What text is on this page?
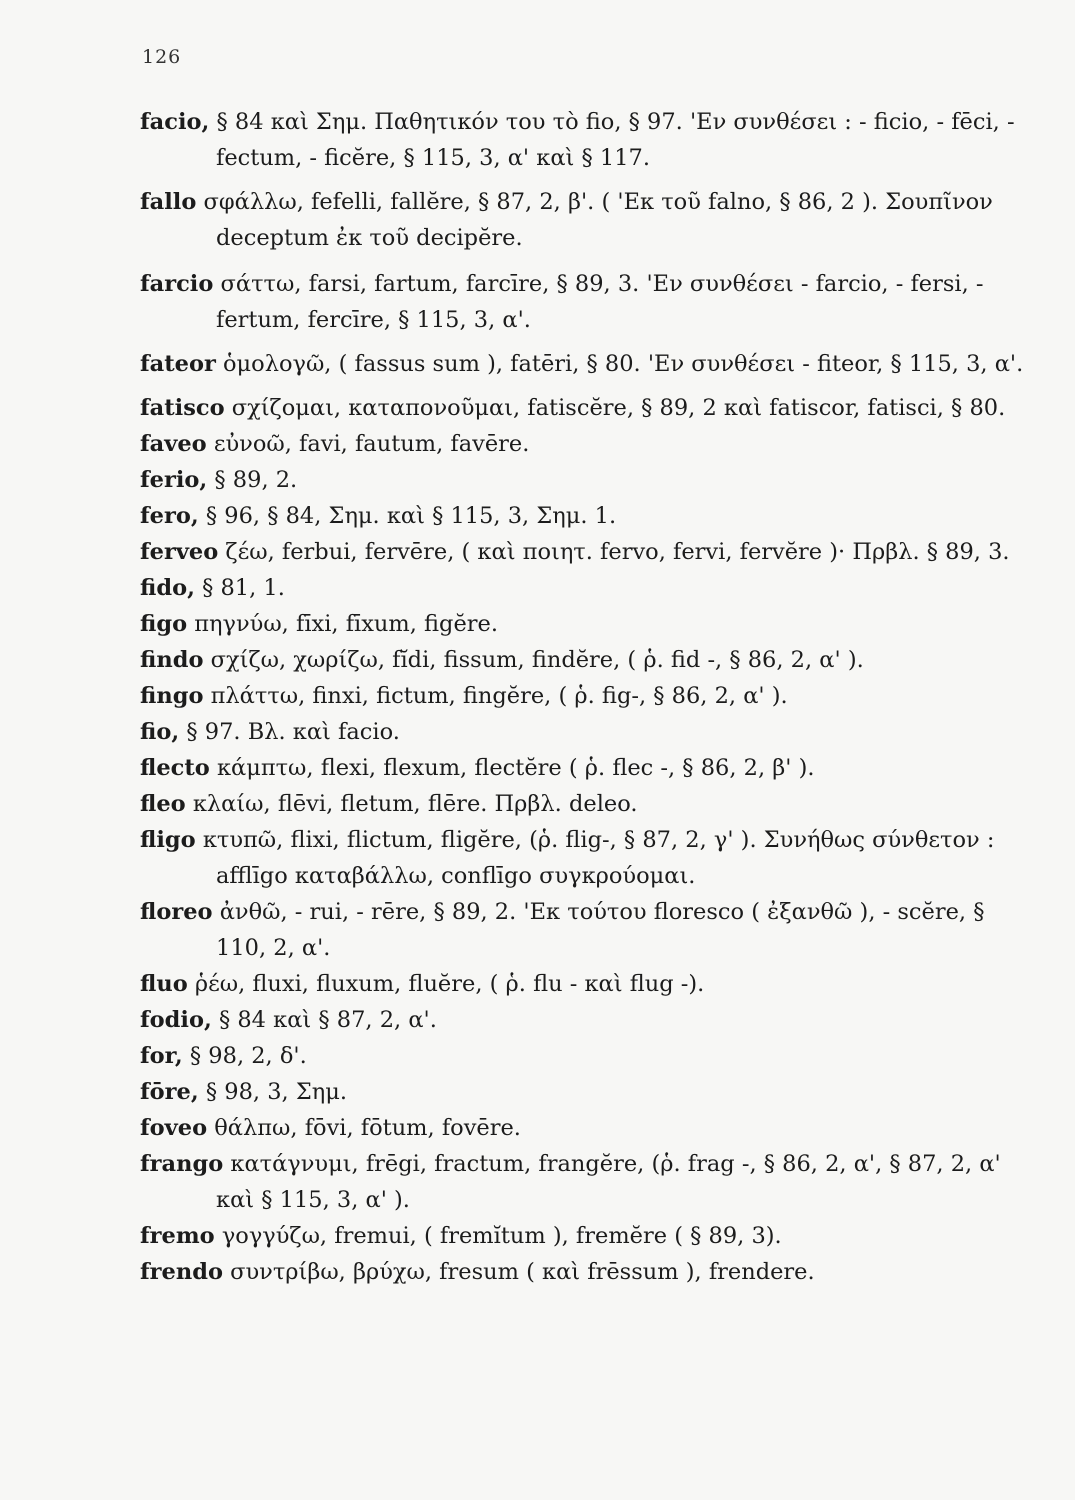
126
facio, § 84 καὶ Σημ. Παθητικόν του τὸ fio, § 97. 'Εν συνθέσει : - ficio, - fēci, - fectum, - ficĕre, § 115, 3, α' καὶ § 117.
fallo σφάλλω, fefelli, fallĕre, § 87, 2, β'. ( 'Εκ τοῦ falno, § 86, 2 ). Σουπῖνον deceptum ἐκ τοῦ decipĕre.
farcio σάττω, farsi, fartum, farcīre, § 89, 3. 'Εν συνθέσει - farcio, - fersi, - fertum, fercīre, § 115, 3, α'.
fateor ὁμολογῶ, ( fassus sum ), fatēri, § 80. 'Εν συνθέσει - fiteor, § 115, 3, α'.
fatisco σχίζομαι, καταπονοῦμαι, fatiscĕre, § 89, 2 καὶ fatiscor, fatisci, § 80.
faveo εὐνοῶ, favi, fautum, favēre.
ferio, § 89, 2.
fero, § 96, § 84, Σημ. καὶ § 115, 3, Σημ. 1.
ferveo ζέω, ferbui, fervēre, ( καὶ ποιητ. fervo, fervi, fervĕre )· Πρβλ. § 89, 3.
fido, § 81, 1.
figo πηγνύω, fīxi, fīxum, figĕre.
findo σχίζω, χωρίζω, fĭdi, fissum, findĕre, ( ῥ. fid -, § 86, 2, α' ).
fingo πλάττω, finxi, fictum, fingĕre, ( ῥ. fig-, § 86, 2, α' ).
fio, § 97. Βλ. καὶ facio.
flecto κάμπτω, flexi, flexum, flectĕre ( ῥ. flec -, § 86, 2, β' ).
fleo κλαίω, flēvi, fletum, flēre. Πρβλ. deleo.
fligo κτυπῶ, flixi, flictum, fligĕre, (ῥ. flig-, § 87, 2, γ' ). Συνήθως σύνθετον : afflīgo καταβάλλω, conflīgo συγκρούομαι.
floreo ἀνθῶ, - rui, - rēre, § 89, 2. 'Εκ τούτου floresco ( ἐξανθῶ ), - scĕre, § 110, 2, α'.
fluo ῥέω, fluxi, fluxum, fluĕre, ( ῥ. flu - καὶ flug -).
fodio, § 84 καὶ § 87, 2, α'.
for, § 98, 2, δ'.
fōre, § 98, 3, Σημ.
foveo θάλπω, fōvi, fōtum, fovēre.
frango κατάγνυμι, frēgi, fractum, frangĕre, (ῥ. frag -, § 86, 2, α', § 87, 2, α' καὶ § 115, 3, α' ).
fremo γογγύζω, fremui, ( fremĭtum ), fremĕre ( § 89, 3).
frendo συντρίβω, βρύχω, fresum ( καὶ frēssum ), frendere.
